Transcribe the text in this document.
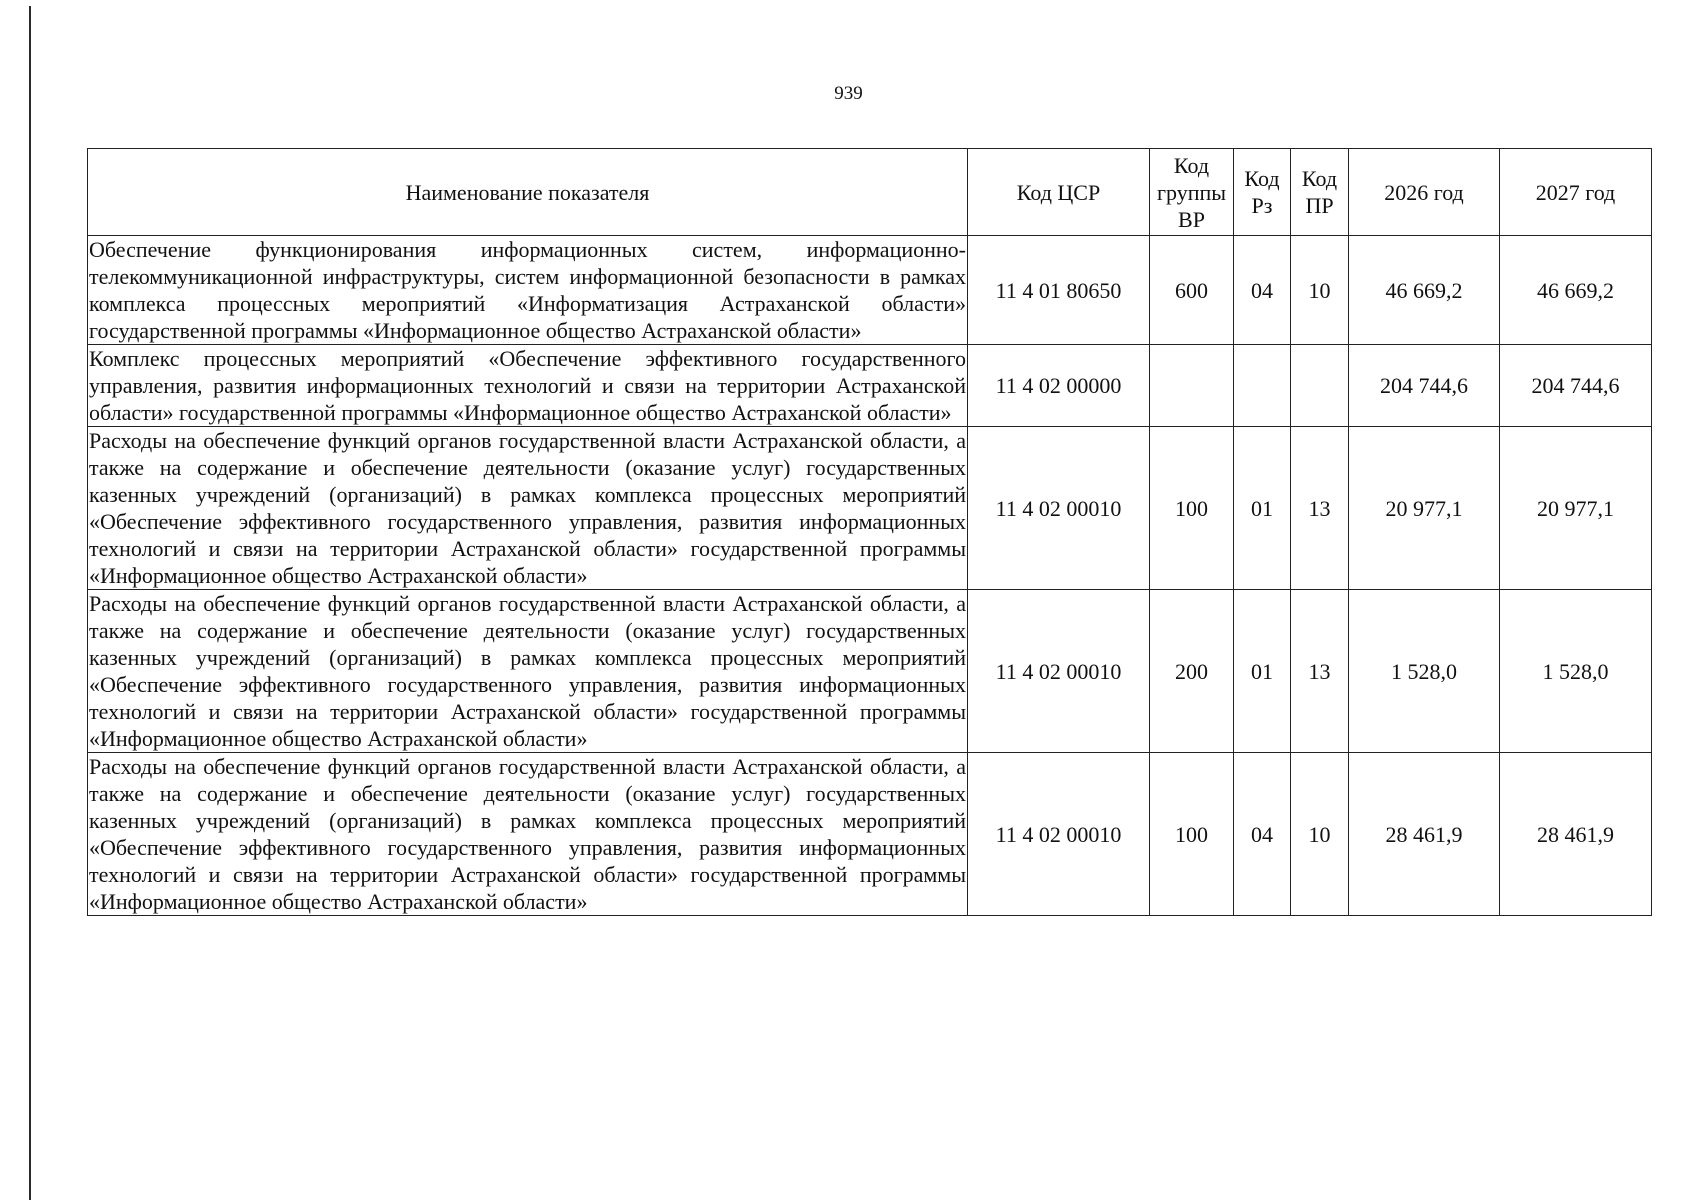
939
Наименование показателя	Код ЦСР	Код группы ВР	Код Рз	Код ПР	2026 год	2027 год
Обеспечение функционирования информационных систем, информационно-телекоммуникационной инфраструктуры, систем информационной безопасности в рамках комплекса процессных мероприятий «Информатизация Астраханской области» государственной программы «Информационное общество Астраханской области»	11 4 01 80650	600	04	10	46 669,2	46 669,2
Комплекс процессных мероприятий «Обеспечение эффективного государственного управления, развития информационных технологий и связи на территории Астраханской области» государственной программы «Информационное общество Астраханской области»	11 4 02 00000				204 744,6	204 744,6
Расходы на обеспечение функций органов государственной власти Астраханской области, а также на содержание и обеспечение деятельности (оказание услуг) государственных казенных учреждений (организаций) в рамках комплекса процессных мероприятий «Обеспечение эффективного государственного управления, развития информационных технологий и связи на территории Астраханской области» государственной программы «Информационное общество Астраханской области»	11 4 02 00010	100	01	13	20 977,1	20 977,1
Расходы на обеспечение функций органов государственной власти Астраханской области, а также на содержание и обеспечение деятельности (оказание услуг) государственных казенных учреждений (организаций) в рамках комплекса процессных мероприятий «Обеспечение эффективного государственного управления, развития информационных технологий и связи на территории Астраханской области» государственной программы «Информационное общество Астраханской области»	11 4 02 00010	200	01	13	1 528,0	1 528,0
Расходы на обеспечение функций органов государственной власти Астраханской области, а также на содержание и обеспечение деятельности (оказание услуг) государственных казенных учреждений (организаций) в рамках комплекса процессных мероприятий «Обеспечение эффективного государственного управления, развития информационных технологий и связи на территории Астраханской области» государственной программы «Информационное общество Астраханской области»	11 4 02 00010	100	04	10	28 461,9	28 461,9
